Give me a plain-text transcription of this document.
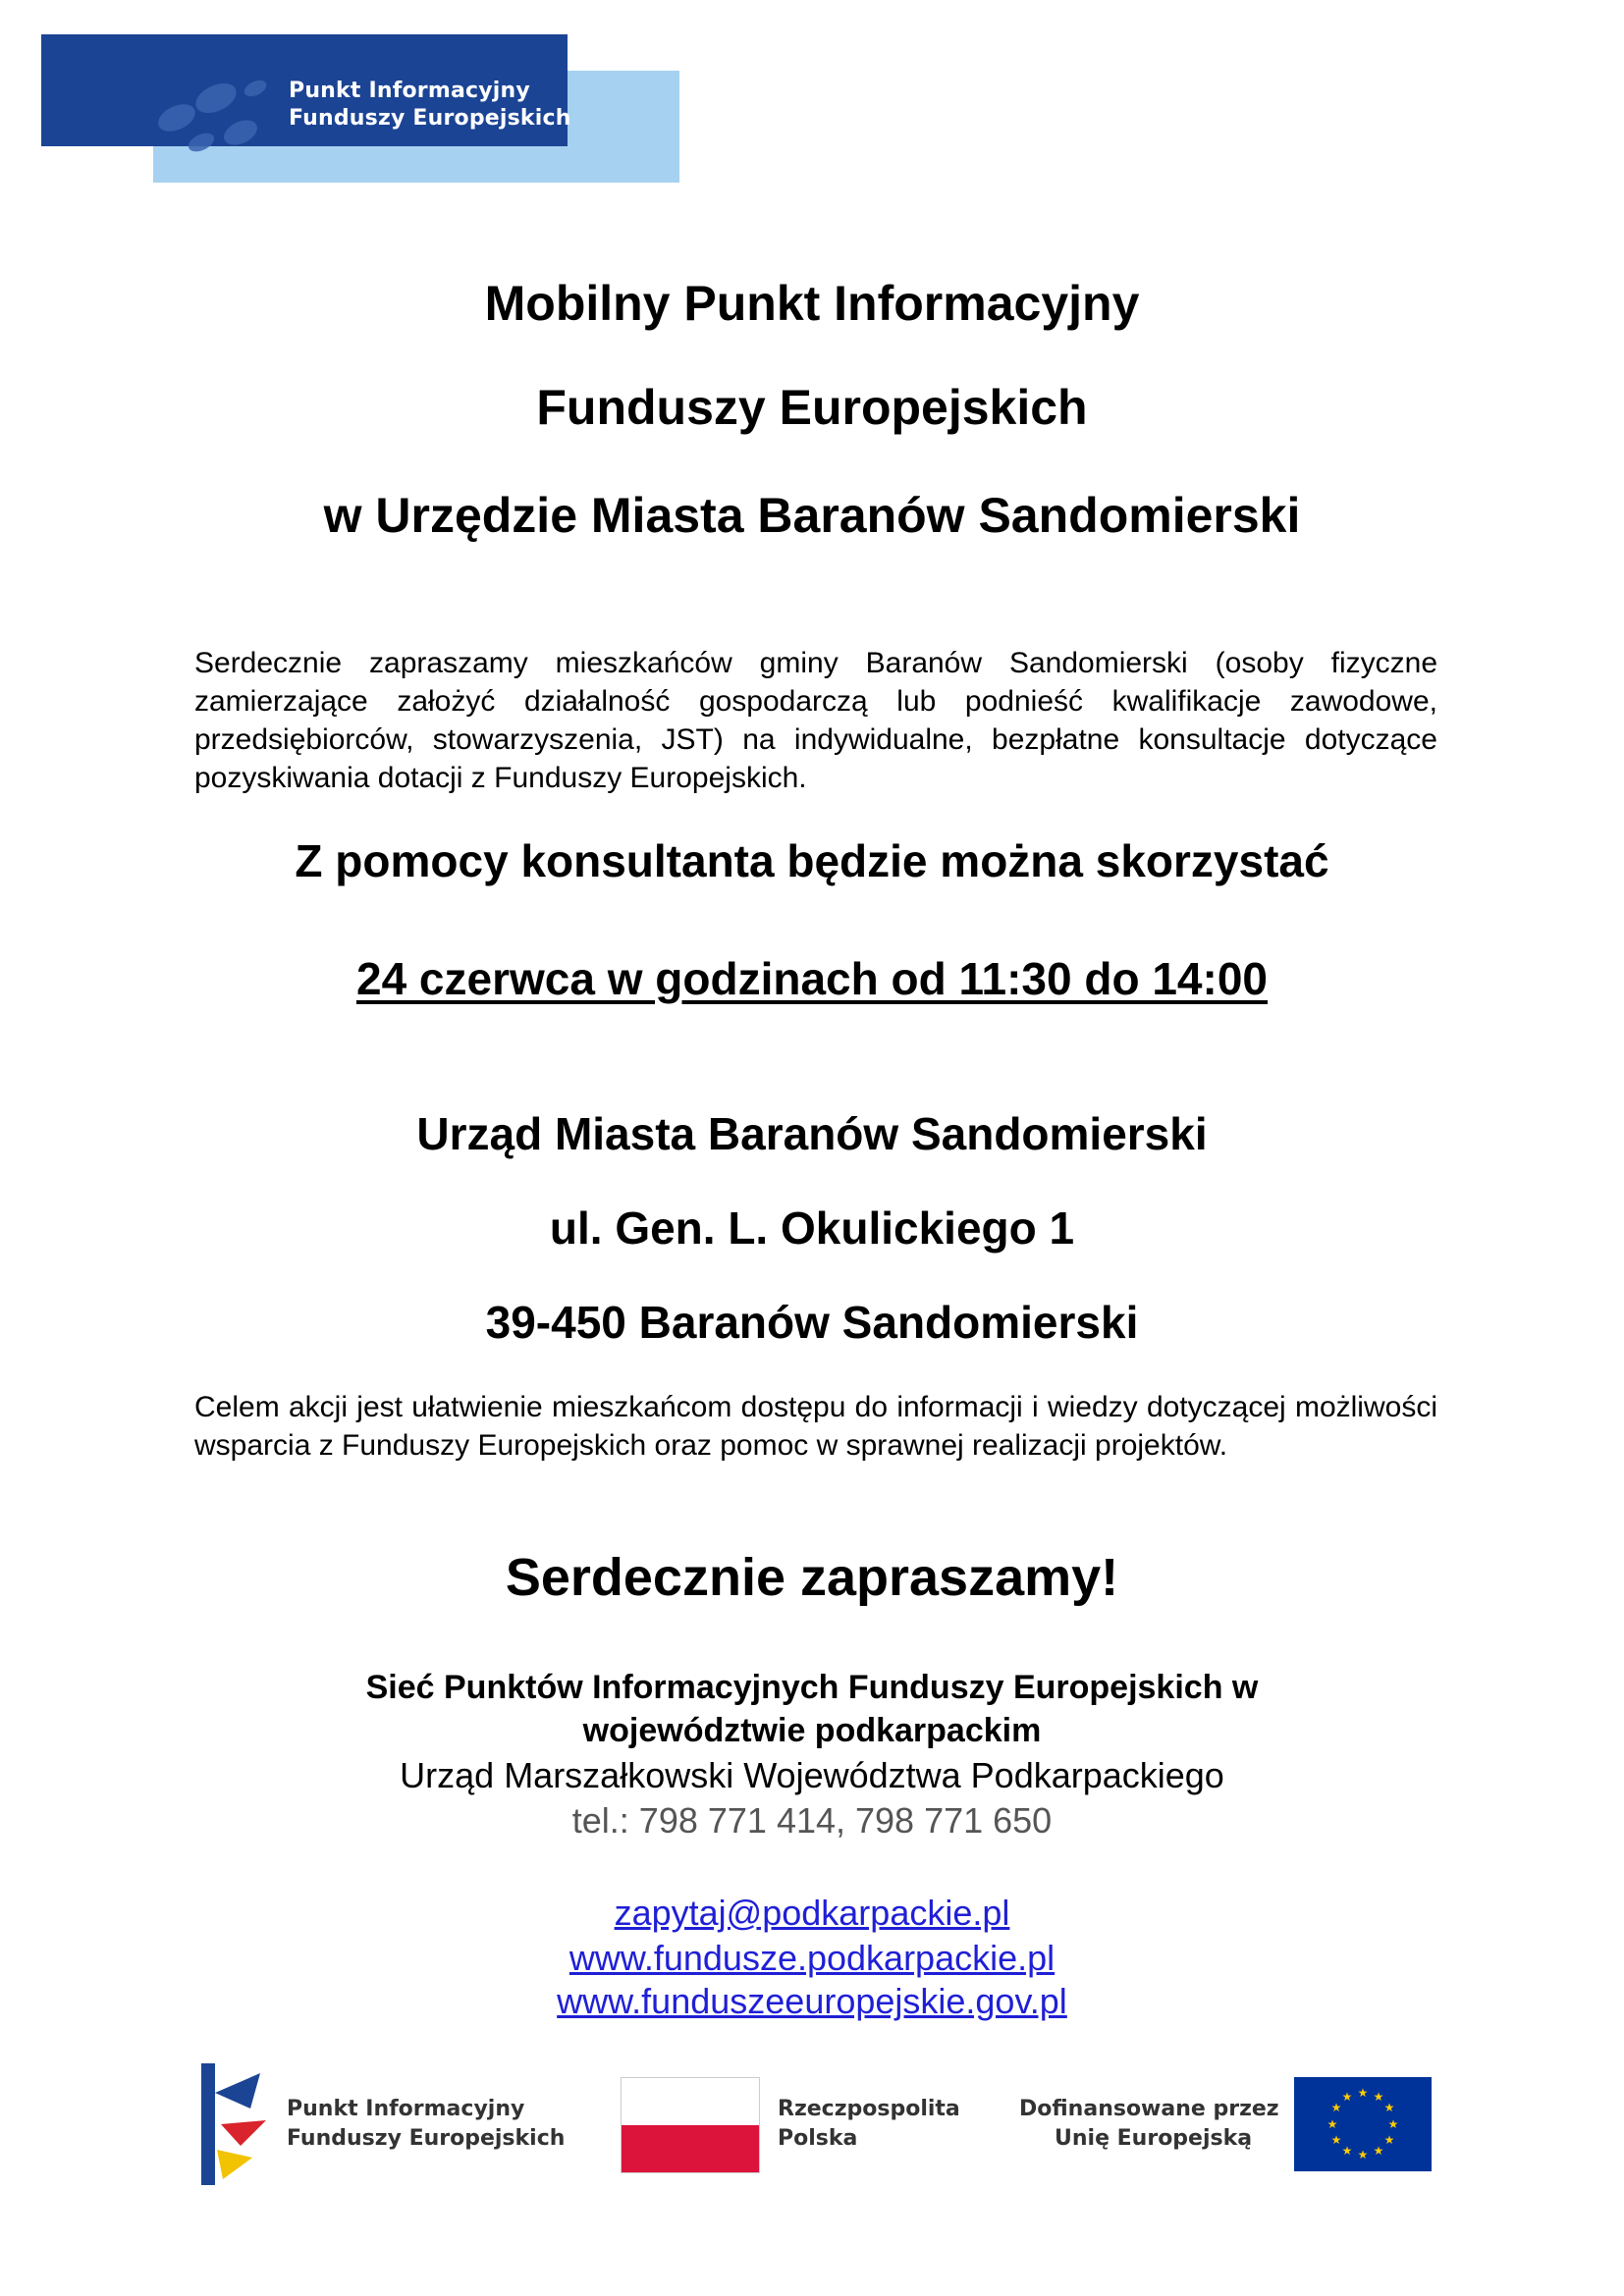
Punkt Informacyjny
Funduszy Europejskich
Mobilny Punkt Informacyjny
Funduszy Europejskich
w Urzędzie Miasta Baranów Sandomierski
Serdecznie zapraszamy mieszkańców gminy Baranów Sandomierski (osoby fizyczne zamierzające założyć działalność gospodarczą lub podnieść kwalifikacje zawodowe, przedsiębiorców, stowarzyszenia, JST) na indywidualne, bezpłatne konsultacje dotyczące pozyskiwania dotacji z Funduszy Europejskich.
Z pomocy konsultanta będzie można skorzystać
24 czerwca w godzinach od 11:30 do 14:00
Urząd Miasta Baranów Sandomierski
ul. Gen. L. Okulickiego 1
39-450 Baranów Sandomierski
Celem akcji jest ułatwienie mieszkańcom dostępu do informacji i wiedzy dotyczącej możliwości wsparcia z Funduszy Europejskich oraz pomoc w sprawnej realizacji projektów.
Serdecznie zapraszamy!
Sieć Punktów Informacyjnych Funduszy Europejskich w
województwie podkarpackim
Urząd Marszałkowski Województwa Podkarpackiego
tel.: 798 771 414, 798 771 650
zapytaj@podkarpackie.pl
www.fundusze.podkarpackie.pl
www.funduszeeuropejskie.gov.pl
Punkt Informacyjny
Funduszy Europejskich
Rzeczpospolita
Polska
Dofinansowane przez
Unię Europejską
★ ★
★
★
★
★
★
★
★
★
★
★
